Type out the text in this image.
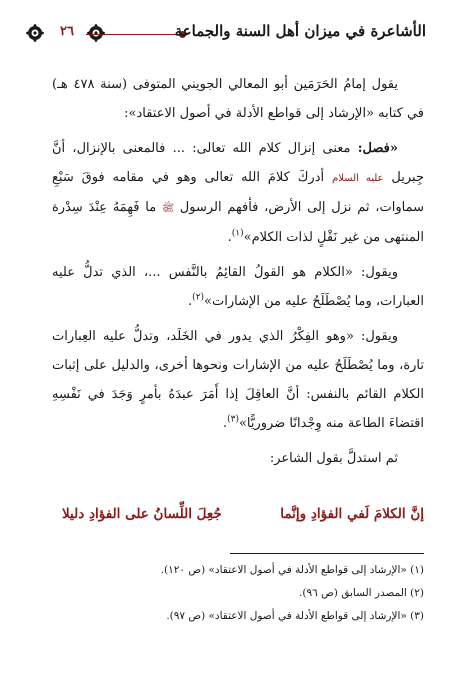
٢٦	الأشاعرة في ميزان أهل السنة والجماعة

يقول إمامُ الحَرَمَين أبو المعالي الجويني المتوفى (سنة ٤٧٨ هـ) في كتابه «الإرشاد إلى قواطع الأدلة في أصول الاعتقاد»:

«فصل: معنى إنزال كلام الله تعالى: ... فالمعنى بالإنزال، أنَّ جِبريل عليه السلام أدركَ كلامَ الله تعالى وهو في مقامه فوقَ سَبْعِ سماوات، ثم نزل إلى الأرض، فأفهم الرسول ﷺ ما فَهِمَهُ عِنْدَ سِدْرة المنتهى من غير نَقْلٍ لذات الكلام»$^{(١)}$.

ويقول: «الكلام هو القولُ القائِمُ بالنَّفس ...، الذي تدلُّ عليه العبارات، وما يُصْطَلَحُ عليه من الإشارات»$^{(٢)}$.

ويقول: «وهو الفِكْرُ الذي يدور في الخَلَد، وتدلُّ عليه العِبارات تارة، وما يُصْطَلَحُ عليه من الإشارات ونحوها أخرى، والدليل على إثبات الكلام القائم بالنفس: أنَّ العاقِلَ إذا أَمَرَ عبدَهُ بأمرٍ وَجَدَ في نَفْسِهِ اقتضاءَ الطاعة منه وِجْدانًا ضروريًّا»$^{(٣)}$.

ثم استدلَّ بقول الشاعر:

إنَّ الكلامَ لَفي الفؤادِ وإنَّما
جُعِلَ اللِّسانُ على الفؤادِ دليلا
(١) «الإرشاد إلى قواطع الأدلة في أصول الاعتقاد» (ص ١٢٠).
(٢) المصدر السابق (ص ٩٦).
(٣) «الإرشاد إلى قواطع الأدلة في أصول الاعتقاد» (ص ٩٧).
